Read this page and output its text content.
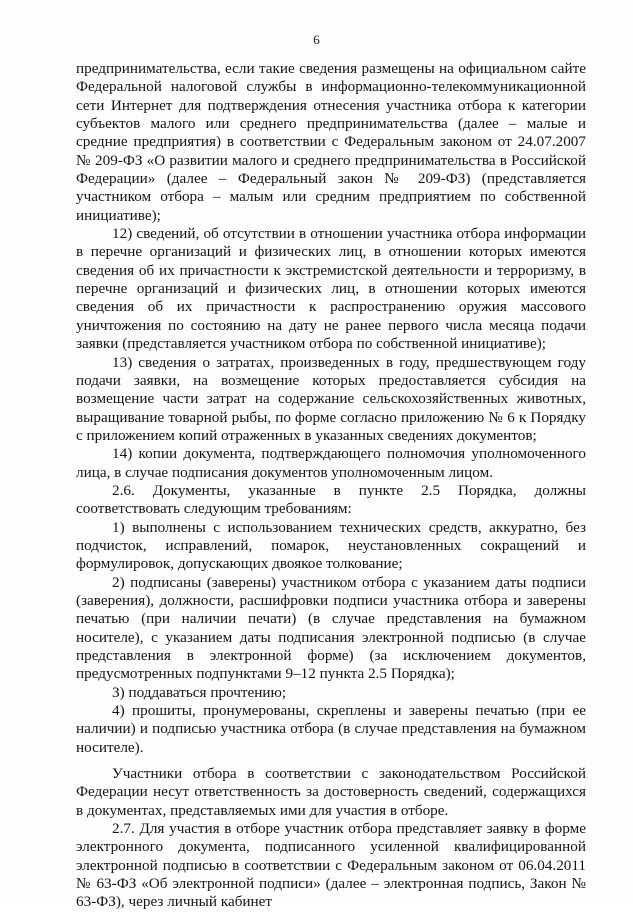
6

предпринимательства, если такие сведения размещены на официальном сайте Федеральной налоговой службы в информационно-телекоммуникационной сети Интернет для подтверждения отнесения участника отбора к категории субъектов малого или среднего предпринимательства (далее – малые и средние предприятия) в соответствии с Федеральным законом от 24.07.2007 № 209-ФЗ «О развитии малого и среднего предпринимательства в Российской Федерации» (далее – Федеральный закон № 209-ФЗ) (представляется участником отбора – малым или средним предприятием по собственной инициативе);

12) сведений, об отсутствии в отношении участника отбора информации в перечне организаций и физических лиц, в отношении которых имеются сведения об их причастности к экстремистской деятельности и терроризму, в перечне организаций и физических лиц, в отношении которых имеются сведения об их причастности к распространению оружия массового уничтожения по состоянию на дату не ранее первого числа месяца подачи заявки (представляется участником отбора по собственной инициативе);

13) сведения о затратах, произведенных в году, предшествующем году подачи заявки, на возмещение которых предоставляется субсидия на возмещение части затрат на содержание сельскохозяйственных животных, выращивание товарной рыбы, по форме согласно приложению № 6 к Порядку с приложением копий отраженных в указанных сведениях документов;

14) копии документа, подтверждающего полномочия уполномоченного лица, в случае подписания документов уполномоченным лицом.

2.6. Документы, указанные в пункте 2.5 Порядка, должны соответствовать следующим требованиям:

1) выполнены с использованием технических средств, аккуратно, без подчисток, исправлений, помарок, неустановленных сокращений и формулировок, допускающих двоякое толкование;

2) подписаны (заверены) участником отбора с указанием даты подписи (заверения), должности, расшифровки подписи участника отбора и заверены печатью (при наличии печати) (в случае представления на бумажном носителе), с указанием даты подписания электронной подписью (в случае представления в электронной форме) (за исключением документов, предусмотренных подпунктами 9–12 пункта 2.5 Порядка);

3) поддаваться прочтению;

4) прошиты, пронумерованы, скреплены и заверены печатью (при ее наличии) и подписью участника отбора (в случае представления на бумажном носителе).

Участники отбора в соответствии с законодательством Российской Федерации несут ответственность за достоверность сведений, содержащихся в документах, представляемых ими для участия в отборе.

2.7. Для участия в отборе участник отбора представляет заявку в форме электронного документа, подписанного усиленной квалифицированной электронной подписью в соответствии с Федеральным законом от 06.04.2011 № 63-ФЗ «Об электронной подписи» (далее – электронная подпись, Закон № 63-ФЗ), через личный кабинет
